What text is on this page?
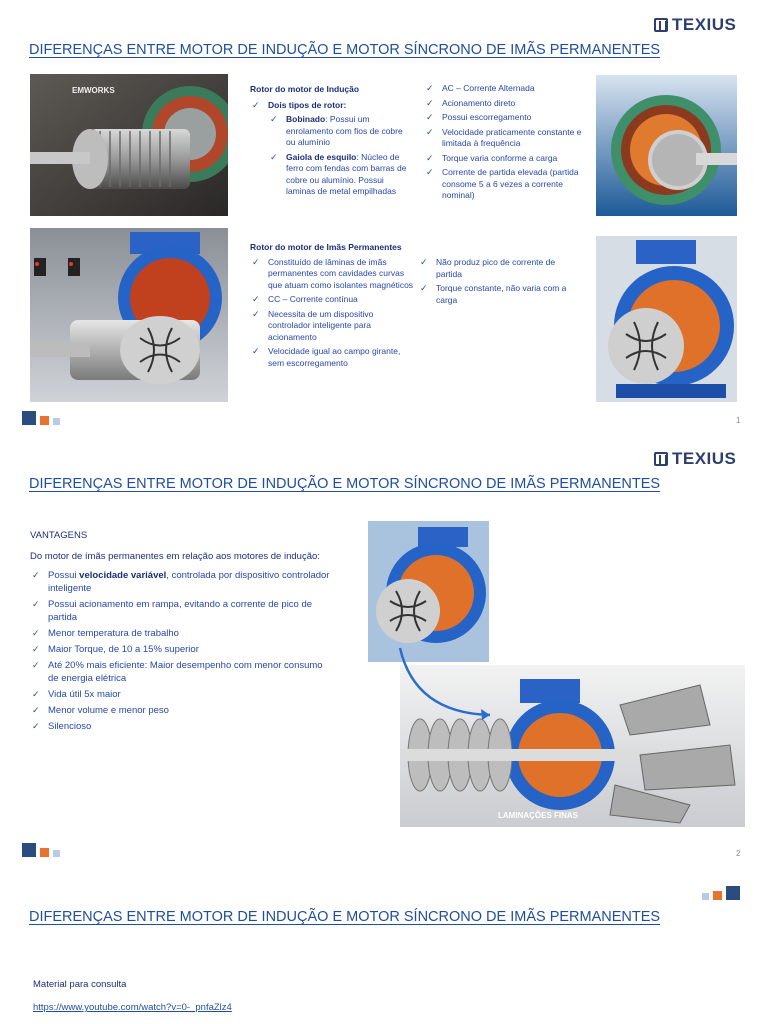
TEXIUS
DIFERENÇAS ENTRE MOTOR DE INDUÇÃO E MOTOR SÍNCRONO DE IMÃS PERMANENTES
EMWORKS	Rotor do motor de Indução
✓ Dois tipos de rotor:
✓ Bobinado: Possui um enrolamento com fios de cobre ou alumínio
✓ Gaiola de esquilo: Núcleo de ferro com fendas com barras de cobre ou alumínio. Possui laminas de metal empilhadas
✓ AC – Corrente Alternada
✓ Acionamento direto
✓ Possui escorregamento
✓ Velocidade praticamente constante e limitada à frequência
✓ Torque varia conforme a carga
✓ Corrente de partida elevada (partida consome 5 a 6 vezes a corrente nominal)
Rotor do motor de Imãs Permanentes
✓ Constituído de lâminas de imãs permanentes com cavidades curvas que atuam como isolantes magnéticos
✓ CC – Corrente contínua
✓ Necessita de um dispositivo controlador inteligente para acionamento
✓ Velocidade igual ao campo girante, sem escorregamento
✓ Não produz pico de corrente de partida
✓ Torque constante, não varia com a carga
1
TEXIUS
DIFERENÇAS ENTRE MOTOR DE INDUÇÃO E MOTOR SÍNCRONO DE IMÃS PERMANENTES
VANTAGENS
Do motor de ímãs permanentes em relação aos motores de indução:
✓ Possui velocidade variável, controlada por dispositivo controlador inteligente
✓ Possui acionamento em rampa, evitando a corrente de pico de partida
✓ Menor temperatura de trabalho
✓ Maior Torque, de 10 a 15% superior
✓ Até 20% mais eficiente: Maior desempenho com menor consumo de energia elétrica
✓ Vida útil 5x maior
✓ Menor volume e menor peso
✓ Silencioso
LAMINAÇÕES FINAS
2
DIFERENÇAS ENTRE MOTOR DE INDUÇÃO E MOTOR SÍNCRONO DE IMÃS PERMANENTES
Material para consulta
https://www.youtube.com/watch?v=0-_pnfaZlz4
